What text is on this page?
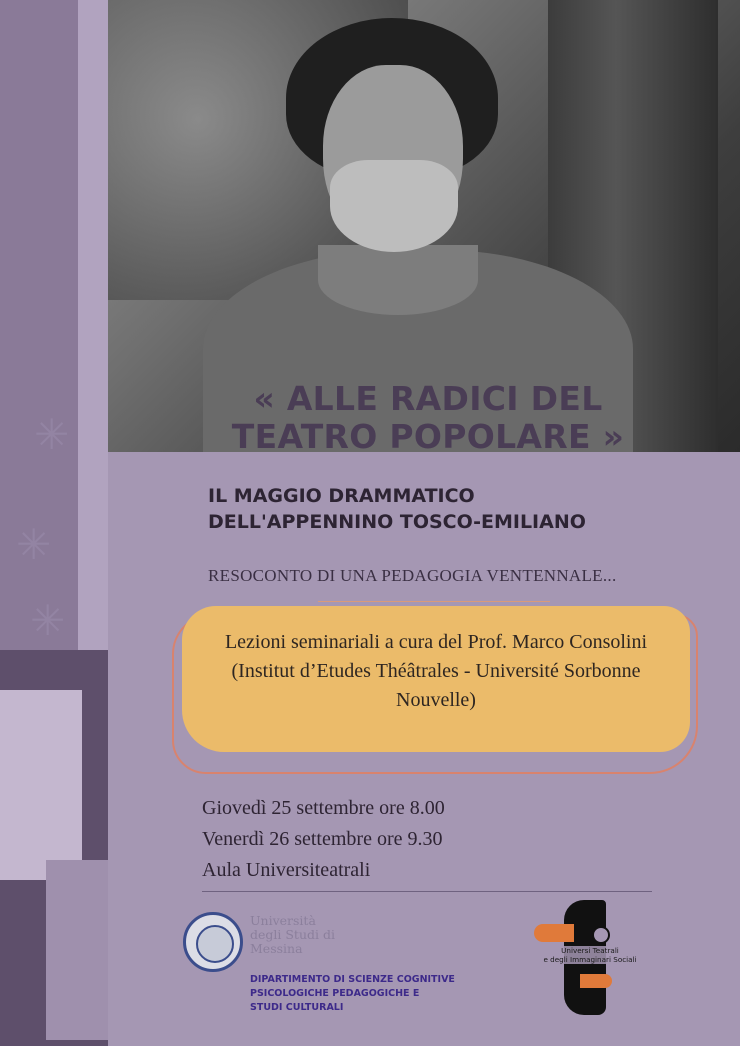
✳
✳
✳
« ALLE RADICI DEL
TEATRO POPOLARE »
IL MAGGIO DRAMMATICO
DELL'APPENNINO TOSCO-EMILIANO

RESOCONTO DI UNA PEDAGOGIA VENTENNALE...

Lezioni seminariali a cura del Prof. Marco Consolini
(Institut d’Etudes Théâtrales - Université Sorbonne
Nouvelle)

Giovedì 25 settembre ore 8.00
Venerdì 26 settembre ore 9.30
Aula Universiteatrali

Università
degli Studi di
Messina

DIPARTIMENTO DI SCIENZE COGNITIVE
PSICOLOGICHE PEDAGOGICHE E
STUDI CULTURALI
Universi Teatrali
e degli Immaginari Sociali
